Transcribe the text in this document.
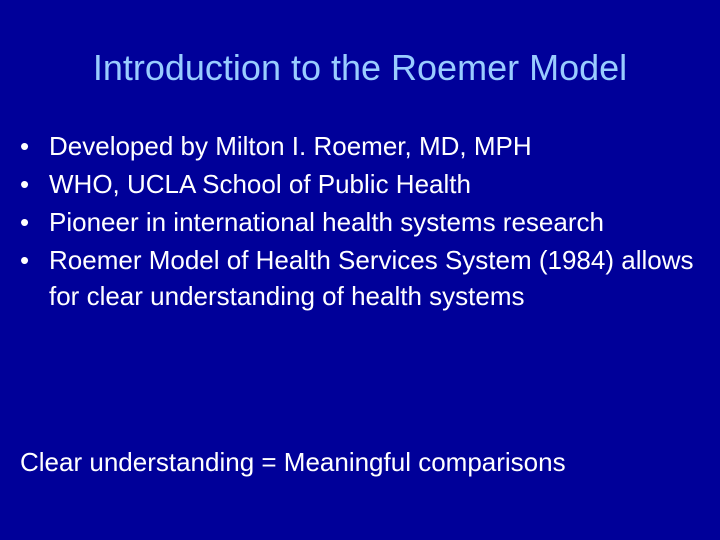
Introduction to the Roemer Model
• Developed by Milton I. Roemer, MD, MPH
• WHO, UCLA School of Public Health
• Pioneer in international health systems research
• Roemer Model of Health Services System (1984) allows for clear understanding of health systems
Clear understanding = Meaningful comparisons
